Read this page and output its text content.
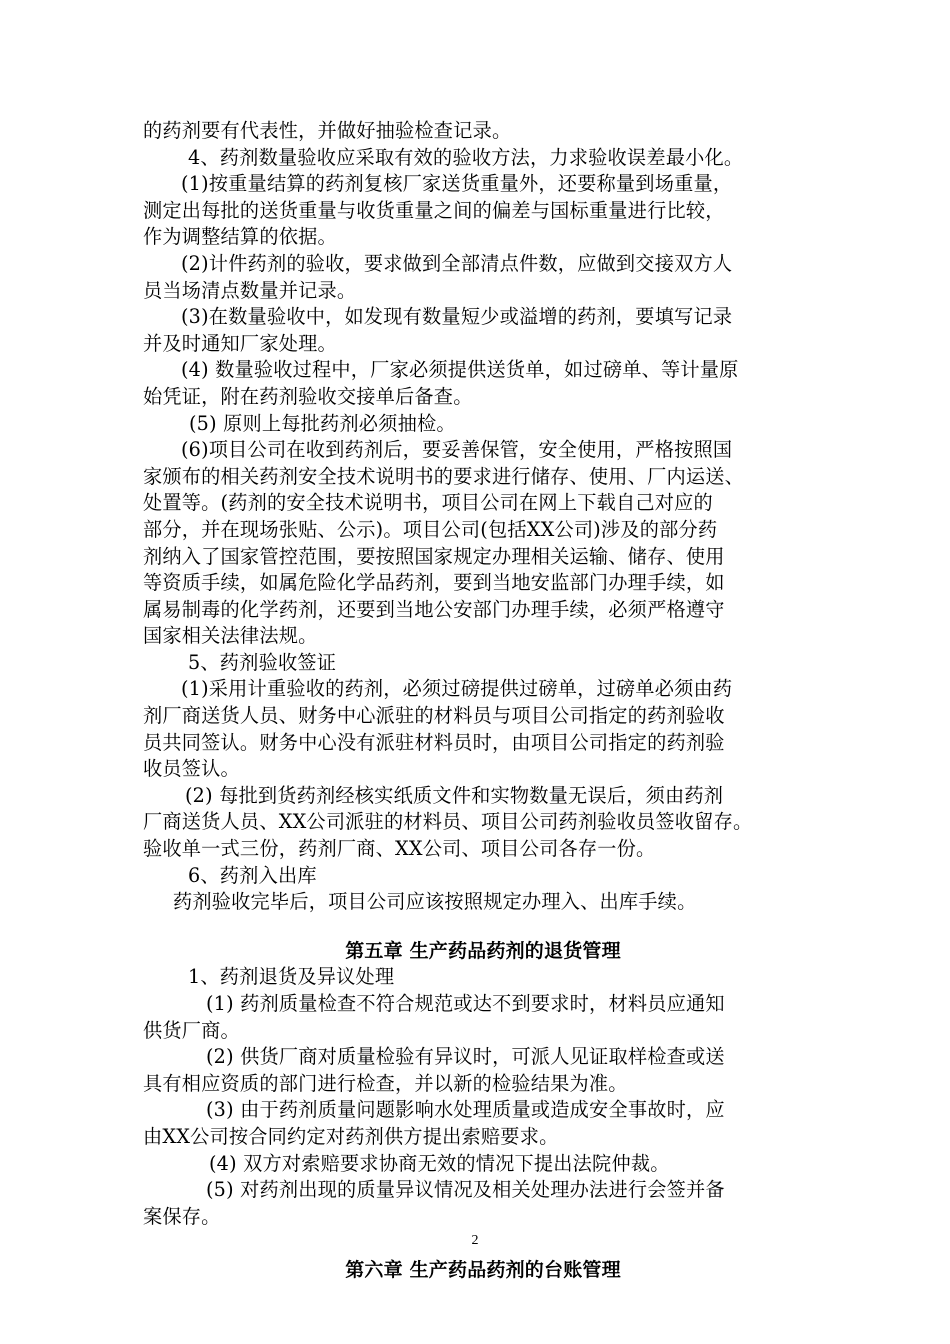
的药剂要有代表性，并做好抽验检查记录。

4、药剂数量验收应采取有效的验收方法，力求验收误差最小化。

(1)按重量结算的药剂复核厂家送货重量外，还要称量到场重量，

测定出每批的送货重量与收货重量之间的偏差与国标重量进行比较，

作为调整结算的依据。

(2)计件药剂的验收，要求做到全部清点件数，应做到交接双方人

员当场清点数量并记录。

(3)在数量验收中，如发现有数量短少或溢增的药剂，要填写记录

并及时通知厂家处理。

(4) 数量验收过程中，厂家必须提供送货单，如过磅单、等计量原

始凭证，附在药剂验收交接单后备查。

(5) 原则上每批药剂必须抽检。

(6)项目公司在收到药剂后，要妥善保管，安全使用，严格按照国

家颁布的相关药剂安全技术说明书的要求进行储存、使用、厂内运送、

处置等。(药剂的安全技术说明书，项目公司在网上下载自己对应的

部分，并在现场张贴、公示)。项目公司(包括XX公司)涉及的部分药

剂纳入了国家管控范围，要按照国家规定办理相关运输、储存、使用

等资质手续，如属危险化学品药剂，要到当地安监部门办理手续，如

属易制毒的化学药剂，还要到当地公安部门办理手续，必须严格遵守

国家相关法律法规。

5、药剂验收签证

(1)采用计重验收的药剂，必须过磅提供过磅单，过磅单必须由药

剂厂商送货人员、财务中心派驻的材料员与项目公司指定的药剂验收

员共同签认。财务中心没有派驻材料员时，由项目公司指定的药剂验

收员签认。

(2) 每批到货药剂经核实纸质文件和实物数量无误后，须由药剂

厂商送货人员、XX公司派驻的材料员、项目公司药剂验收员签收留存。

验收单一式三份，药剂厂商、XX公司、项目公司各存一份。

6、药剂入出库

药剂验收完毕后，项目公司应该按照规定办理入、出库手续。

第五章 生产药品药剂的退货管理

1、药剂退货及异议处理

(1) 药剂质量检查不符合规范或达不到要求时，材料员应通知

供货厂商。

(2) 供货厂商对质量检验有异议时，可派人见证取样检查或送

具有相应资质的部门进行检查，并以新的检验结果为准。

(3) 由于药剂质量问题影响水处理质量或造成安全事故时，应

由XX公司按合同约定对药剂供方提出索赔要求。

(4) 双方对索赔要求协商无效的情况下提出法院仲裁。

(5) 对药剂出现的质量异议情况及相关处理办法进行会签并备

案保存。

第六章 生产药品药剂的台账管理

2
